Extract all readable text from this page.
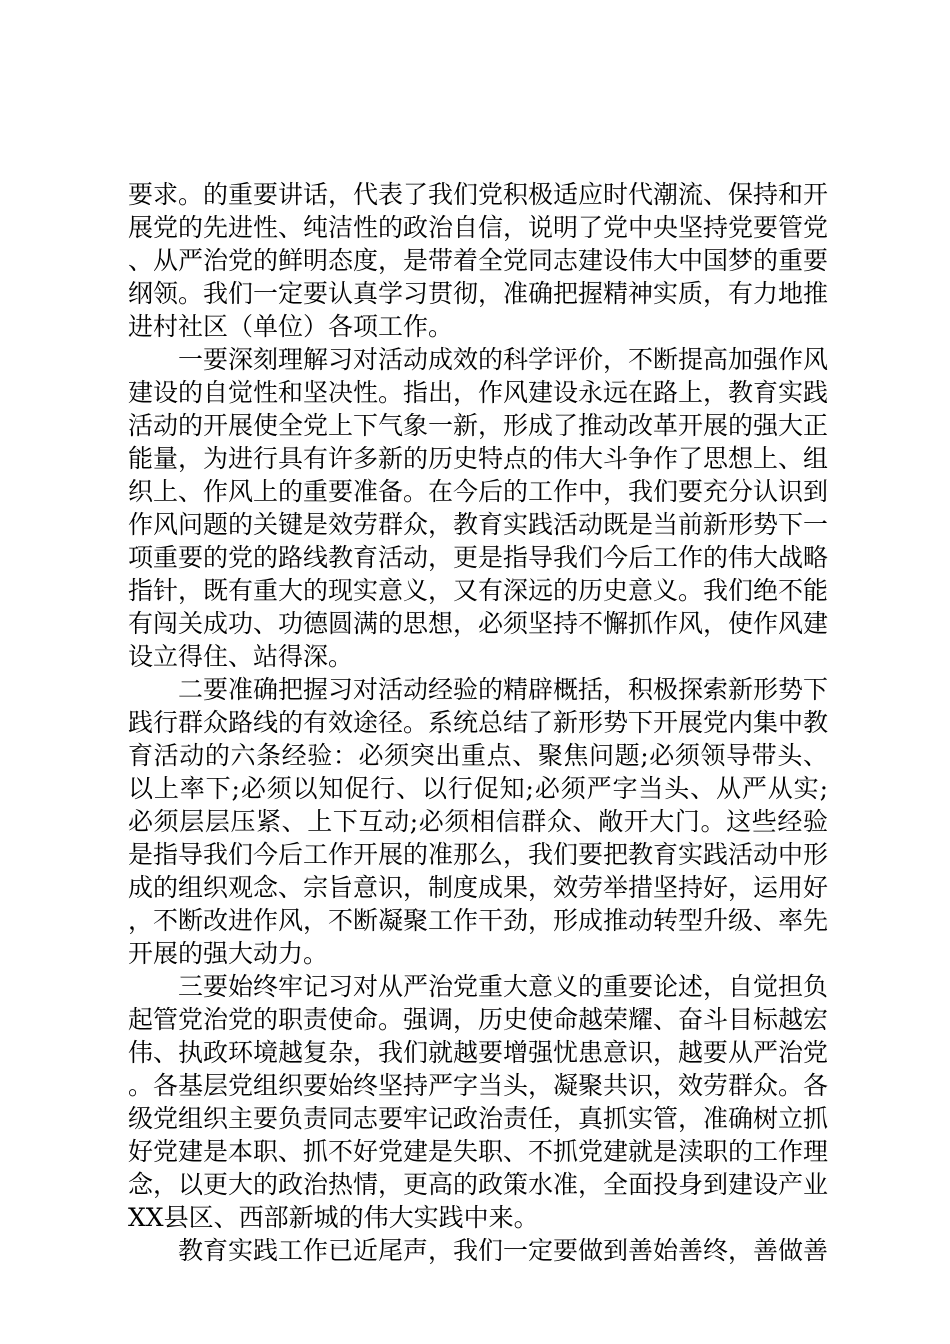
要求。的重要讲话，代表了我们党积极适应时代潮流、保持和开展党的先进性、纯洁性的政治自信，说明了党中央坚持党要管党、从严治党的鲜明态度，是带着全党同志建设伟大中国梦的重要纲领。我们一定要认真学习贯彻，准确把握精神实质，有力地推进村社区（单位）各项工作。

一要深刻理解习对活动成效的科学评价，不断提高加强作风建设的自觉性和坚决性。指出，作风建设永远在路上，教育实践活动的开展使全党上下气象一新，形成了推动改革开展的强大正能量，为进行具有许多新的历史特点的伟大斗争作了思想上、组织上、作风上的重要准备。在今后的工作中，我们要充分认识到作风问题的关键是效劳群众，教育实践活动既是当前新形势下一项重要的党的路线教育活动，更是指导我们今后工作的伟大战略指针，既有重大的现实意义，又有深远的历史意义。我们绝不能有闯关成功、功德圆满的思想，必须坚持不懈抓作风，使作风建设立得住、站得深。

二要准确把握习对活动经验的精辟概括，积极探索新形势下践行群众路线的有效途径。系统总结了新形势下开展党内集中教育活动的六条经验：必须突出重点、聚焦问题;必须领导带头、以上率下;必须以知促行、以行促知;必须严字当头、从严从实;必须层层压紧、上下互动;必须相信群众、敞开大门。这些经验是指导我们今后工作开展的准那么，我们要把教育实践活动中形成的组织观念、宗旨意识，制度成果，效劳举措坚持好，运用好，不断改进作风，不断凝聚工作干劲，形成推动转型升级、率先开展的强大动力。

三要始终牢记习对从严治党重大意义的重要论述，自觉担负起管党治党的职责使命。强调，历史使命越荣耀、奋斗目标越宏伟、执政环境越复杂，我们就越要增强忧患意识，越要从严治党。各基层党组织要始终坚持严字当头，凝聚共识，效劳群众。各级党组织主要负责同志要牢记政治责任，真抓实管，准确树立抓好党建是本职、抓不好党建是失职、不抓党建就是渎职的工作理念，以更大的政治热情，更高的政策水准，全面投身到建设产业XX县区、西部新城的伟大实践中来。

教育实践工作已近尾声，我们一定要做到善始善终，善做善
